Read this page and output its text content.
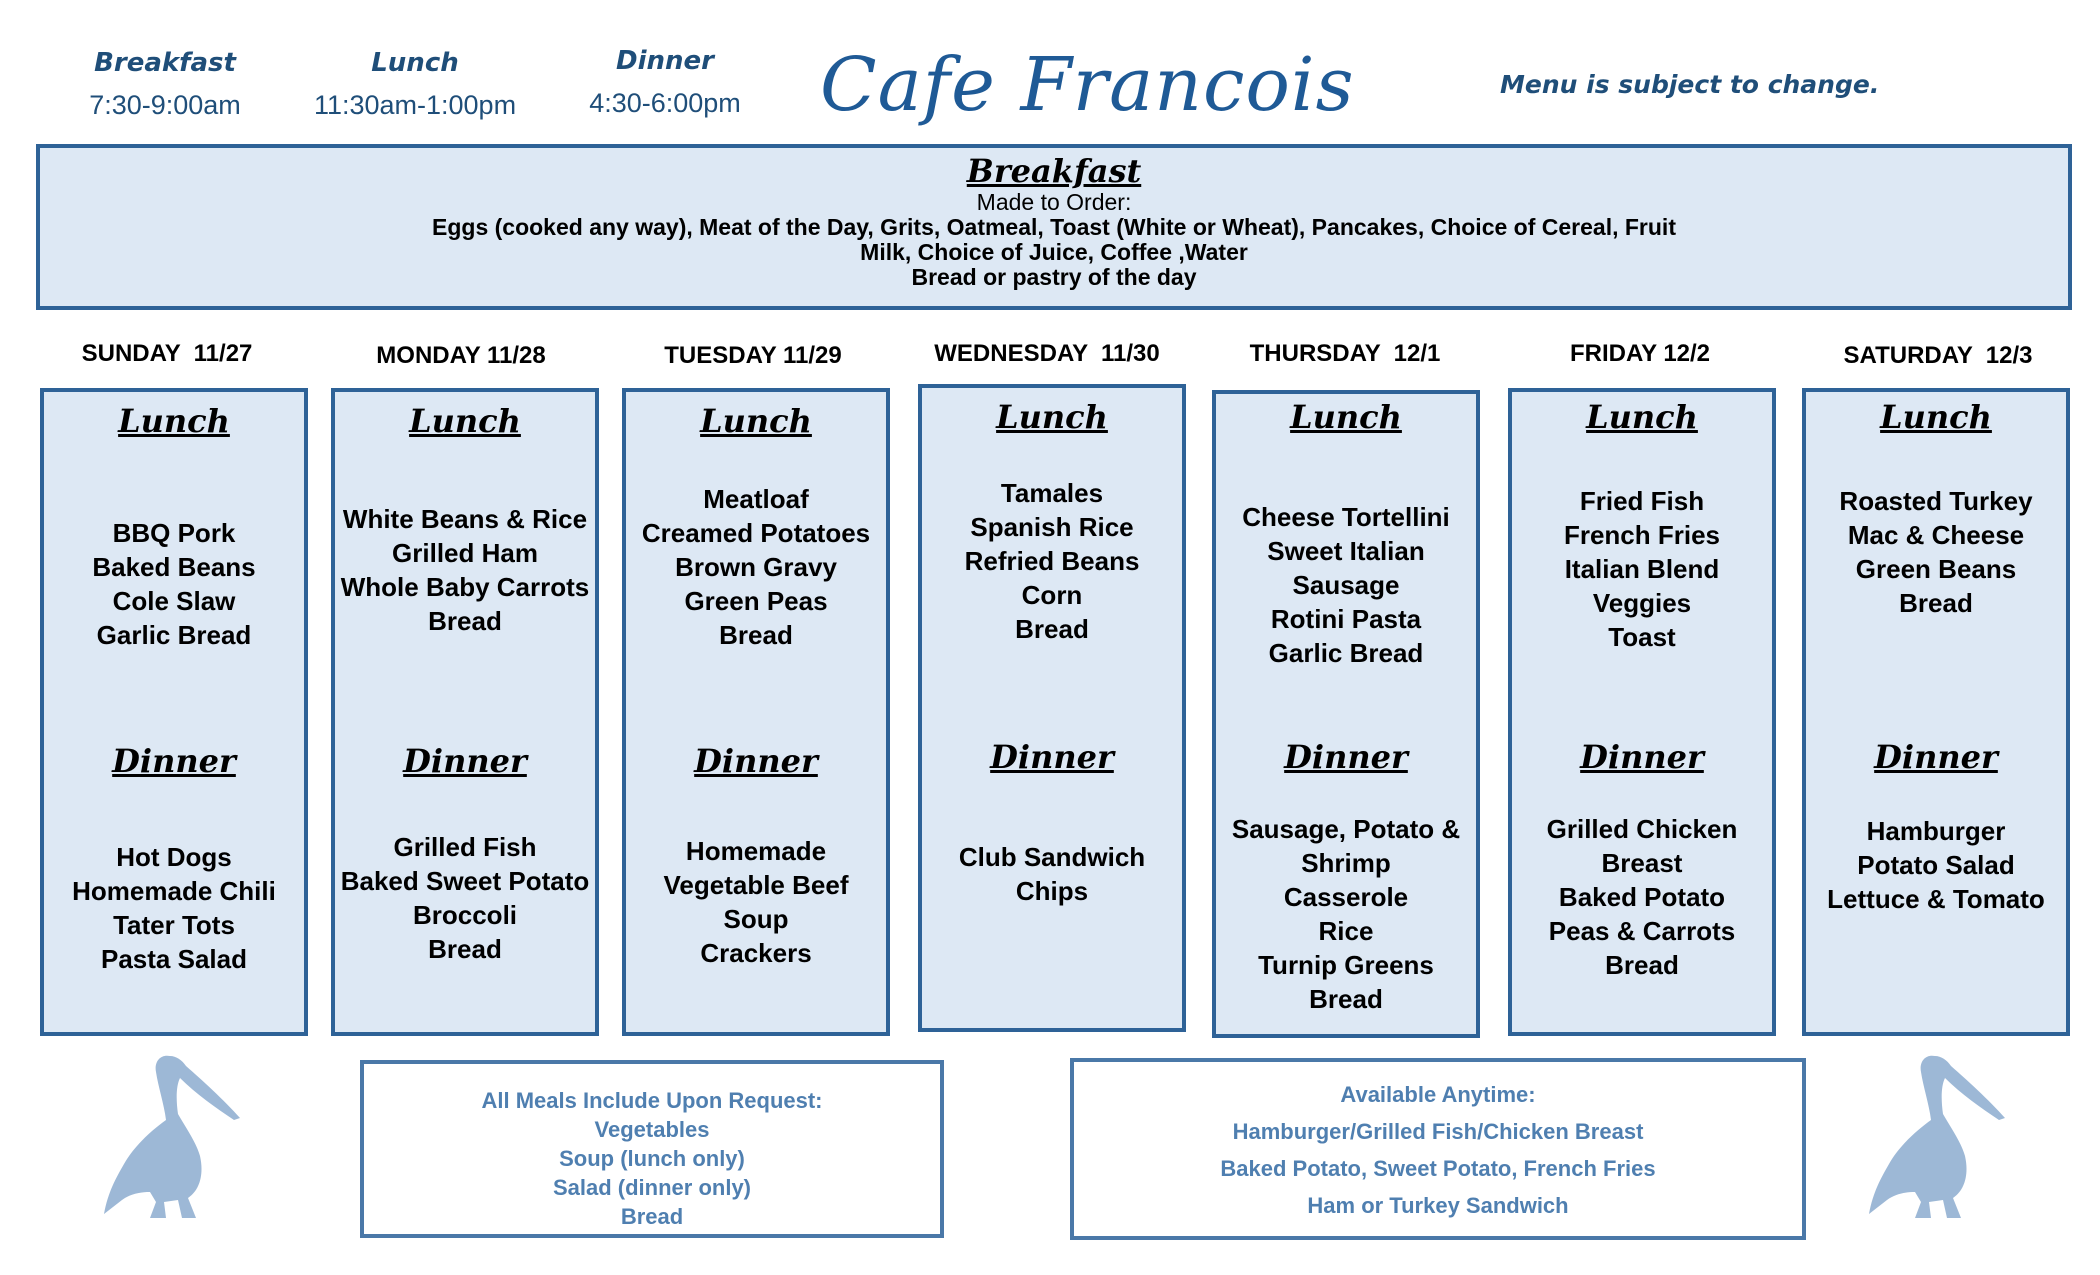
Breakfast
7:30-9:00am
Lunch
11:30am-1:00pm
Dinner
4:30-6:00pm Cafe Francois	Menu is subject to change.
Breakfast
Made to Order:
Eggs (cooked any way), Meat of the Day, Grits, Oatmeal, Toast (White or Wheat), Pancakes, Choice of Cereal, Fruit
Milk, Choice of Juice, Coffee ,Water
Bread or pastry of the day
SUNDAY  11/27	MONDAY 11/28	TUESDAY 11/29	WEDNESDAY  11/30	THURSDAY  12/1	FRIDAY 12/2	SATURDAY  12/3
Lunch
BBQ Pork
Baked Beans
Cole Slaw
Garlic Bread
Dinner
Hot Dogs
Homemade Chili
Tater Tots
Pasta Salad
Lunch
White Beans & Rice
Grilled Ham
Whole Baby Carrots
Bread
Dinner
Grilled Fish
Baked Sweet Potato
Broccoli
Bread
Lunch
Meatloaf
Creamed Potatoes
Brown Gravy
Green Peas
Bread
Dinner
Homemade
Vegetable Beef
Soup
Crackers
Lunch
Tamales
Spanish Rice
Refried Beans
Corn
Bread
Dinner
Club Sandwich
Chips
Lunch
Cheese Tortellini
Sweet Italian
Sausage
Rotini Pasta
Garlic Bread
Dinner
Sausage, Potato &
Shrimp
Casserole
Rice
Turnip Greens
Bread
Lunch
Fried Fish
French Fries
Italian Blend
Veggies
Toast
Dinner
Grilled Chicken
Breast
Baked Potato
Peas & Carrots
Bread
Lunch
Roasted Turkey
Mac & Cheese
Green Beans
Bread
Dinner
Hamburger
Potato Salad
Lettuce & Tomato
All Meals Include Upon Request:
Vegetables
Soup (lunch only)
Salad (dinner only)
Bread
Available Anytime:
Hamburger/Grilled Fish/Chicken Breast
Baked Potato, Sweet Potato, French Fries
Ham or Turkey Sandwich
